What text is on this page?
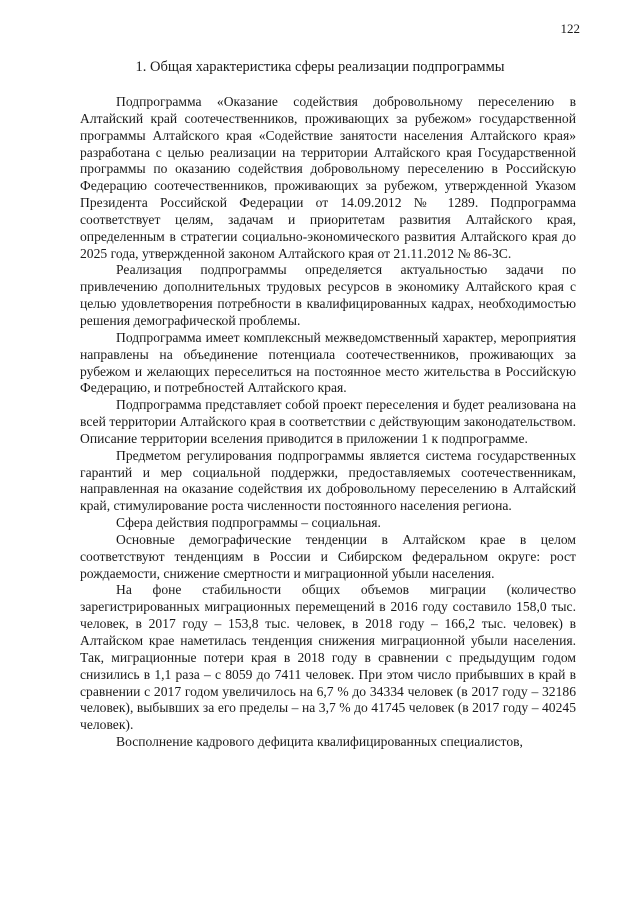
122
1. Общая характеристика сферы реализации подпрограммы

Подпрограмма «Оказание содействия добровольному переселению в Алтайский край соотечественников, проживающих за рубежом» государственной программы Алтайского края «Содействие занятости населения Алтайского края» разработана с целью реализации на территории Алтайского края Государственной программы по оказанию содействия добровольному переселению в Российскую Федерацию соотечественников, проживающих за рубежом, утвержденной Указом Президента Российской Федерации от 14.09.2012 № 1289. Подпрограмма соответствует целям, задачам и приоритетам развития Алтайского края, определенным в стратегии социально-экономического развития Алтайского края до 2025 года, утвержденной законом Алтайского края от 21.11.2012 № 86-ЗС.

Реализация подпрограммы определяется актуальностью задачи по привлечению дополнительных трудовых ресурсов в экономику Алтайского края с целью удовлетворения потребности в квалифицированных кадрах, необходимостью решения демографической проблемы.

Подпрограмма имеет комплексный межведомственный характер, мероприятия направлены на объединение потенциала соотечественников, проживающих за рубежом и желающих переселиться на постоянное место жительства в Российскую Федерацию, и потребностей Алтайского края.

Подпрограмма представляет собой проект переселения и будет реализована на всей территории Алтайского края в соответствии с действующим законодательством. Описание территории вселения приводится в приложении 1 к подпрограмме.

Предметом регулирования подпрограммы является система государственных гарантий и мер социальной поддержки, предоставляемых соотечественникам, направленная на оказание содействия их добровольному переселению в Алтайский край, стимулирование роста численности постоянного населения региона.

Сфера действия подпрограммы – социальная.

Основные демографические тенденции в Алтайском крае в целом соответствуют тенденциям в России и Сибирском федеральном округе: рост рождаемости, снижение смертности и миграционной убыли населения.

На фоне стабильности общих объемов миграции (количество зарегистрированных миграционных перемещений в 2016 году составило 158,0 тыс. человек, в 2017 году – 153,8 тыс. человек, в 2018 году – 166,2 тыс. человек) в Алтайском крае наметилась тенденция снижения миграционной убыли населения. Так, миграционные потери края в 2018 году в сравнении с предыдущим годом снизились в 1,1 раза – с 8059 до 7411 человек. При этом число прибывших в край в сравнении с 2017 годом увеличилось на 6,7 % до 34334 человек (в 2017 году – 32186 человек), выбывших за его пределы – на 3,7 % до 41745 человек (в 2017 году – 40245 человек).

Восполнение кадрового дефицита квалифицированных специалистов,
